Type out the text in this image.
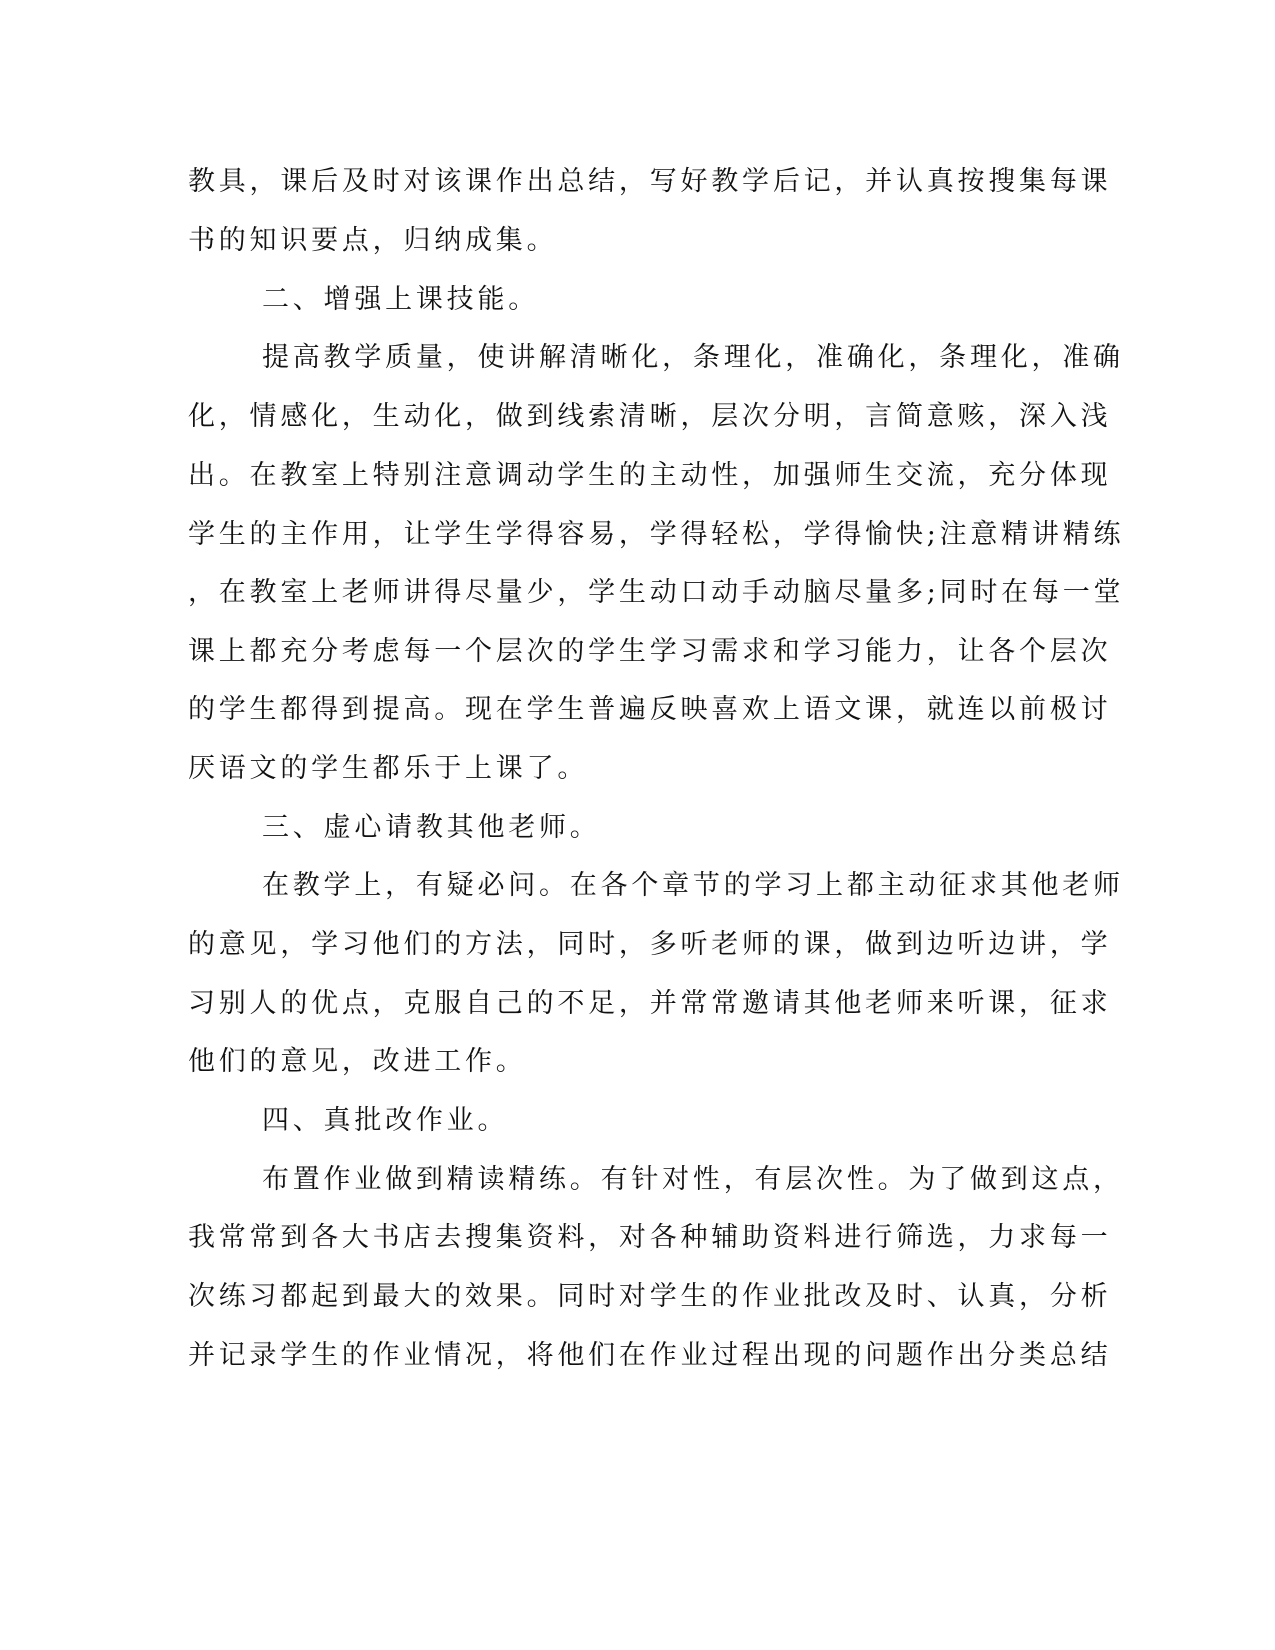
教具，课后及时对该课作出总结，写好教学后记，并认真按搜集每课

书的知识要点，归纳成集。

二、增强上课技能。

提高教学质量，使讲解清晰化，条理化，准确化，条理化，准确

化，情感化，生动化，做到线索清晰，层次分明，言简意赅，深入浅

出。在教室上特别注意调动学生的主动性，加强师生交流，充分体现

学生的主作用，让学生学得容易，学得轻松，学得愉快;注意精讲精练

，在教室上老师讲得尽量少，学生动口动手动脑尽量多;同时在每一堂

课上都充分考虑每一个层次的学生学习需求和学习能力，让各个层次

的学生都得到提高。现在学生普遍反映喜欢上语文课，就连以前极讨

厌语文的学生都乐于上课了。

三、虚心请教其他老师。

在教学上，有疑必问。在各个章节的学习上都主动征求其他老师

的意见，学习他们的方法，同时，多听老师的课，做到边听边讲，学

习别人的优点，克服自己的不足，并常常邀请其他老师来听课，征求

他们的意见，改进工作。

四、真批改作业。

布置作业做到精读精练。有针对性，有层次性。为了做到这点，

我常常到各大书店去搜集资料，对各种辅助资料进行筛选，力求每一

次练习都起到最大的效果。同时对学生的作业批改及时、认真，分析

并记录学生的作业情况，将他们在作业过程出现的问题作出分类总结
